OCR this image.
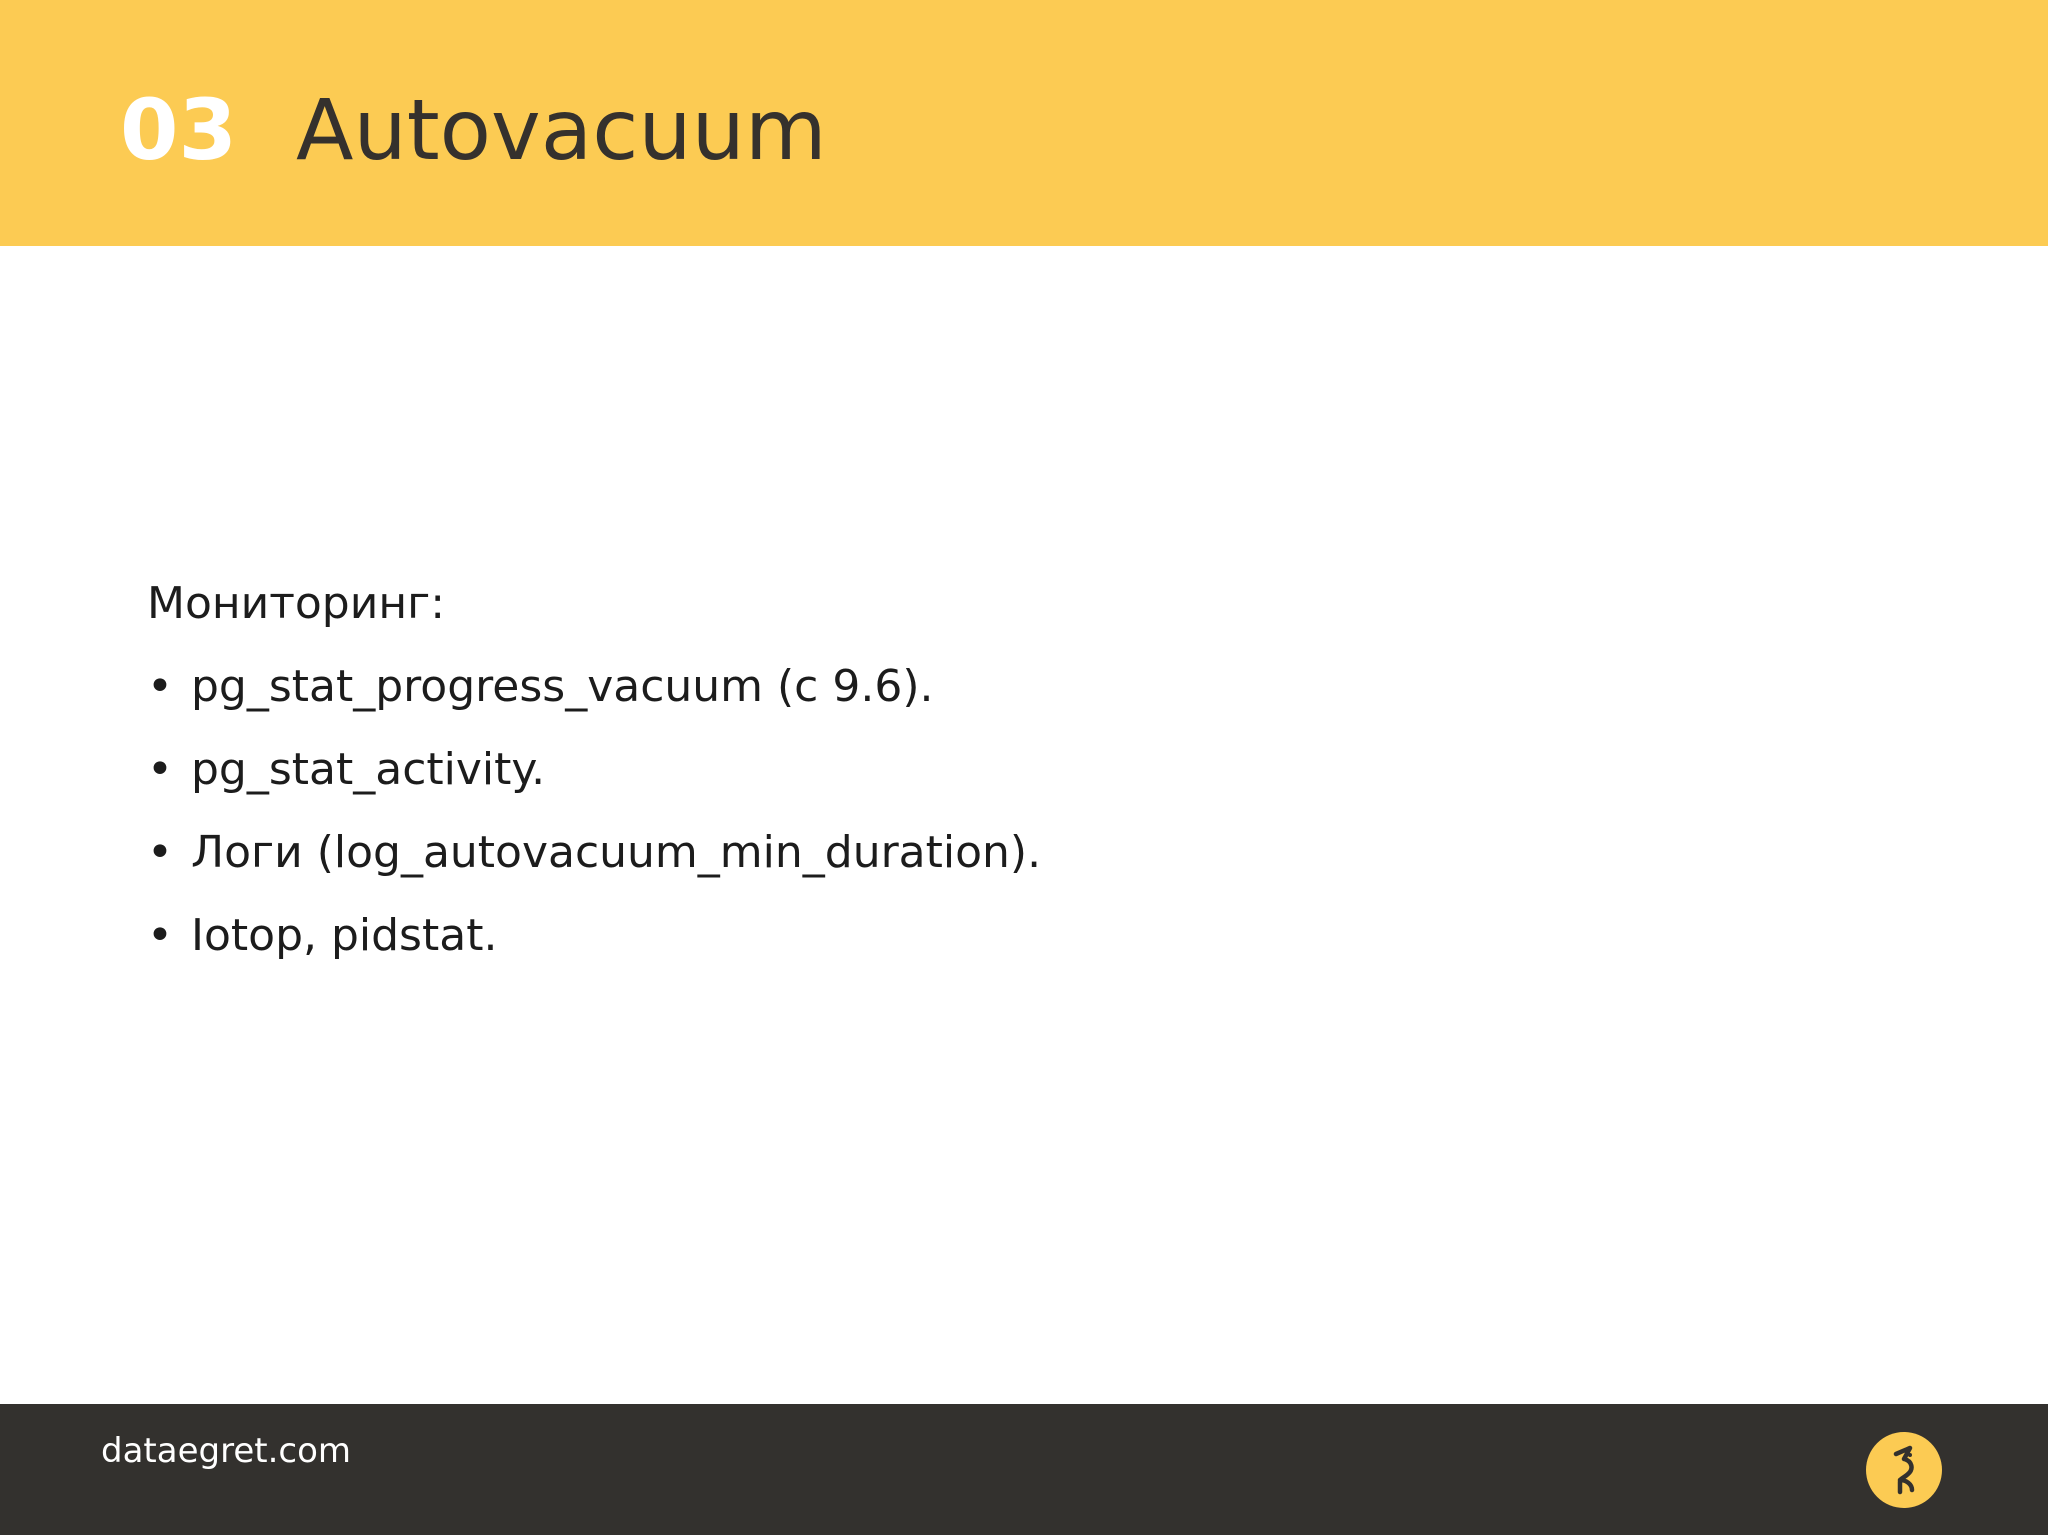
03 Autovacuum
Мониторинг:
• pg_stat_progress_vacuum (с 9.6).
• pg_stat_activity.
• Логи (log_autovacuum_min_duration).
• Iotop, pidstat.
dataegret.com
